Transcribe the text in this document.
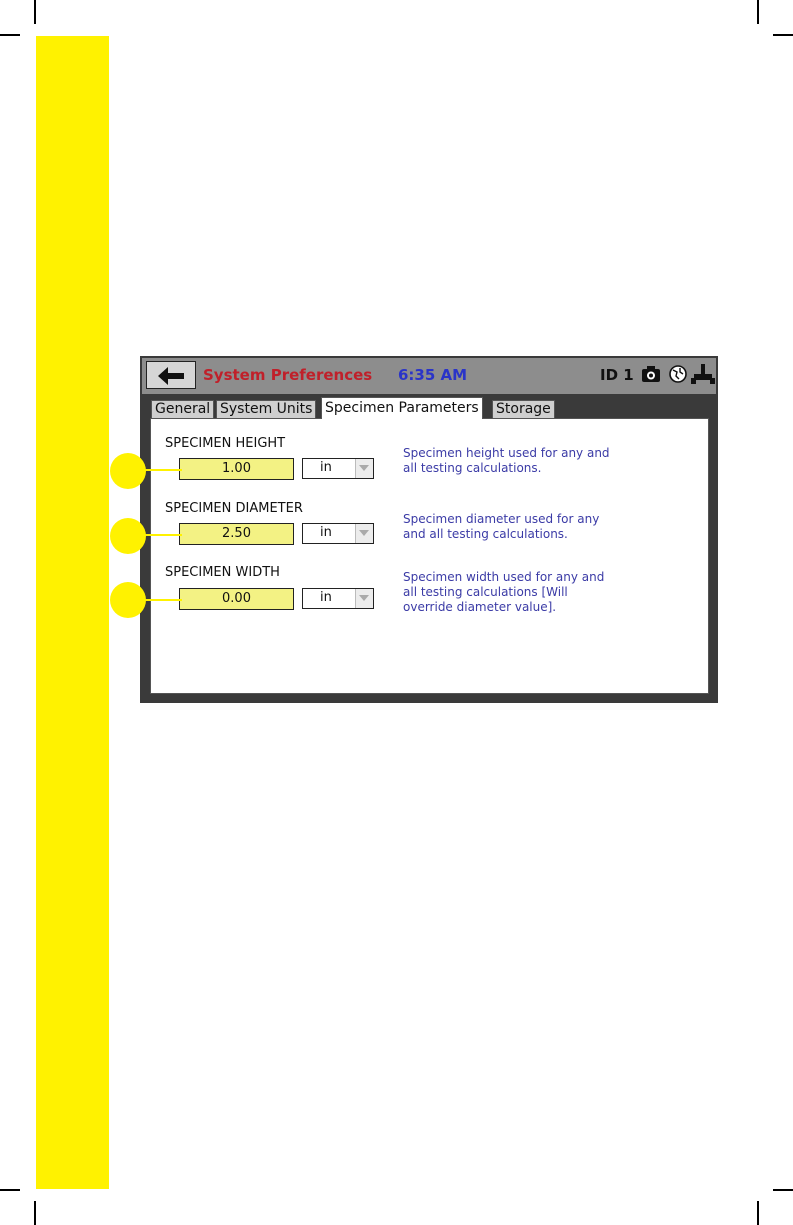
System Preferences 6:35 AM	ID 1
SPECIMEN HEIGHT
1.00	in
Specimen height used for any and
all testing calculations.
SPECIMEN DIAMETER
2.50	in
Specimen diameter used for any
and all testing calculations.
SPECIMEN WIDTH
0.00	in
Specimen width used for any and
all testing calculations [Will
override diameter value].
General System Units Specimen Parameters Storage
